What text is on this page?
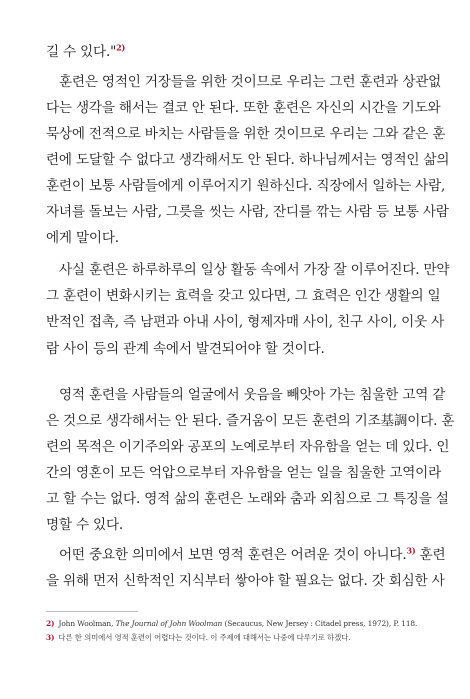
길 수 있다."$^{2)}$
훈련은 영적인 거장들을 위한 것이므로 우리는 그런 훈련과 상관없
다는 생각을 해서는 결코 안 된다. 또한 훈련은 자신의 시간을 기도와
묵상에 전적으로 바치는 사람들을 위한 것이므로 우리는 그와 같은 훈
련에 도달할 수 없다고 생각해서도 안 된다. 하나님께서는 영적인 삶의
훈련이 보통 사람들에게 이루어지기 원하신다. 직장에서 일하는 사람,
자녀를 돌보는 사람, 그릇을 씻는 사람, 잔디를 깎는 사람 등 보통 사람
에게 말이다.
사실 훈련은 하루하루의 일상 활동 속에서 가장 잘 이루어진다. 만약
그 훈련이 변화시키는 효력을 갖고 있다면, 그 효력은 인간 생활의 일
반적인 접촉, 즉 남편과 아내 사이, 형제자매 사이, 친구 사이, 이웃 사
람 사이 등의 관계 속에서 발견되어야 할 것이다.
영적 훈련을 사람들의 얼굴에서 웃음을 빼앗아 가는 침울한 고역 같
은 것으로 생각해서는 안 된다. 즐거움이 모든 훈련의 기조基調이다. 훈
련의 목적은 이기주의와 공포의 노예로부터 자유함을 얻는 데 있다. 인
간의 영혼이 모든 억압으로부터 자유함을 얻는 일을 침울한 고역이라
고 할 수는 없다. 영적 삶의 훈련은 노래와 춤과 외침으로 그 특징을 설
명할 수 있다.
어떤 중요한 의미에서 보면 영적 훈련은 어려운 것이 아니다.$^{3)}$ 훈련
을 위해 먼저 신학적인 지식부터 쌓아야 할 필요는 없다. 갓 회심한 사
2) John Woolman, The Journal of John Woolman (Secaucus, New Jersey : Citadel press, 1972), P. 118.
3) 다른 한 의미에서 영적 훈련이 어렵다는 것이다. 이 주제에 대해서는 나중에 다루기로 하겠다.
